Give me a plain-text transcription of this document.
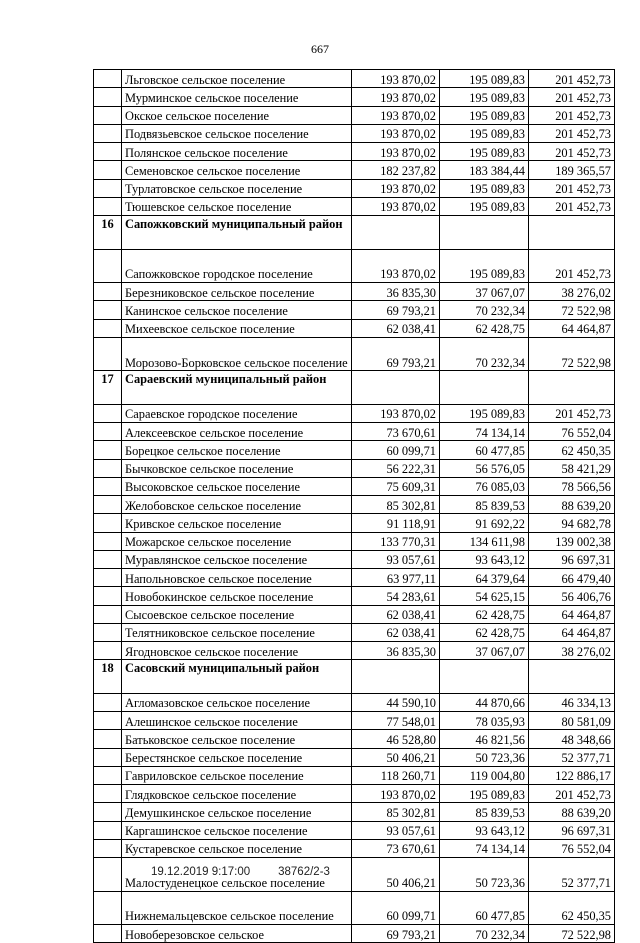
667
	Льговское сельское поселение	193 870,02	195 089,83	201 452,73
	Мурминское сельское поселение	193 870,02	195 089,83	201 452,73
	Окское сельское поселение	193 870,02	195 089,83	201 452,73
	Подвязьевское сельское поселение	193 870,02	195 089,83	201 452,73
	Полянское сельское поселение	193 870,02	195 089,83	201 452,73
	Семеновское сельское поселение	182 237,82	183 384,44	189 365,57
	Турлатовское сельское поселение	193 870,02	195 089,83	201 452,73
	Тюшевское сельское поселение	193 870,02	195 089,83	201 452,73
16	Сапожковский муниципальный район			
	Сапожковское городское поселение	193 870,02	195 089,83	201 452,73
	Березниковское сельское поселение	36 835,30	37 067,07	38 276,02
	Канинское сельское поселение	69 793,21	70 232,34	72 522,98
	Михеевское сельское поселение	62 038,41	62 428,75	64 464,87
	Морозово-Борковское сельское поселение	69 793,21	70 232,34	72 522,98
17	Сараевский муниципальный район			
	Сараевское городское поселение	193 870,02	195 089,83	201 452,73
	Алексеевское сельское поселение	73 670,61	74 134,14	76 552,04
	Борецкое сельское поселение	60 099,71	60 477,85	62 450,35
	Бычковское сельское поселение	56 222,31	56 576,05	58 421,29
	Высоковское сельское поселение	75 609,31	76 085,03	78 566,56
	Желобовское сельское поселение	85 302,81	85 839,53	88 639,20
	Кривское сельское поселение	91 118,91	91 692,22	94 682,78
	Можарское сельское поселение	133 770,31	134 611,98	139 002,38
	Муравлянское сельское поселение	93 057,61	93 643,12	96 697,31
	Напольновское сельское поселение	63 977,11	64 379,64	66 479,40
	Новобокинское сельское поселение	54 283,61	54 625,15	56 406,76
	Сысоевское сельское поселение	62 038,41	62 428,75	64 464,87
	Телятниковское сельское поселение	62 038,41	62 428,75	64 464,87
	Ягодновское сельское поселение	36 835,30	37 067,07	38 276,02
18	Сасовский муниципальный район			
	Агломазовское сельское поселение	44 590,10	44 870,66	46 334,13
	Алешинское сельское поселение	77 548,01	78 035,93	80 581,09
	Батьковское сельское поселение	46 528,80	46 821,56	48 348,66
	Берестянское сельское поселение	50 406,21	50 723,36	52 377,71
	Гавриловское сельское поселение	118 260,71	119 004,80	122 886,17
	Глядковское сельское поселение	193 870,02	195 089,83	201 452,73
	Демушкинское сельское поселение	85 302,81	85 839,53	88 639,20
	Каргашинское сельское поселение	93 057,61	93 643,12	96 697,31
	Кустаревское сельское поселение	73 670,61	74 134,14	76 552,04
	Малостуденецкое сельское поселение	50 406,21	50 723,36	52 377,71
	Нижнемальцевское сельское поселение	60 099,71	60 477,85	62 450,35
	Новоберезовское сельское	69 793,21	70 232,34	72 522,98
19.12.2019 9:17:00 38762/2-3
